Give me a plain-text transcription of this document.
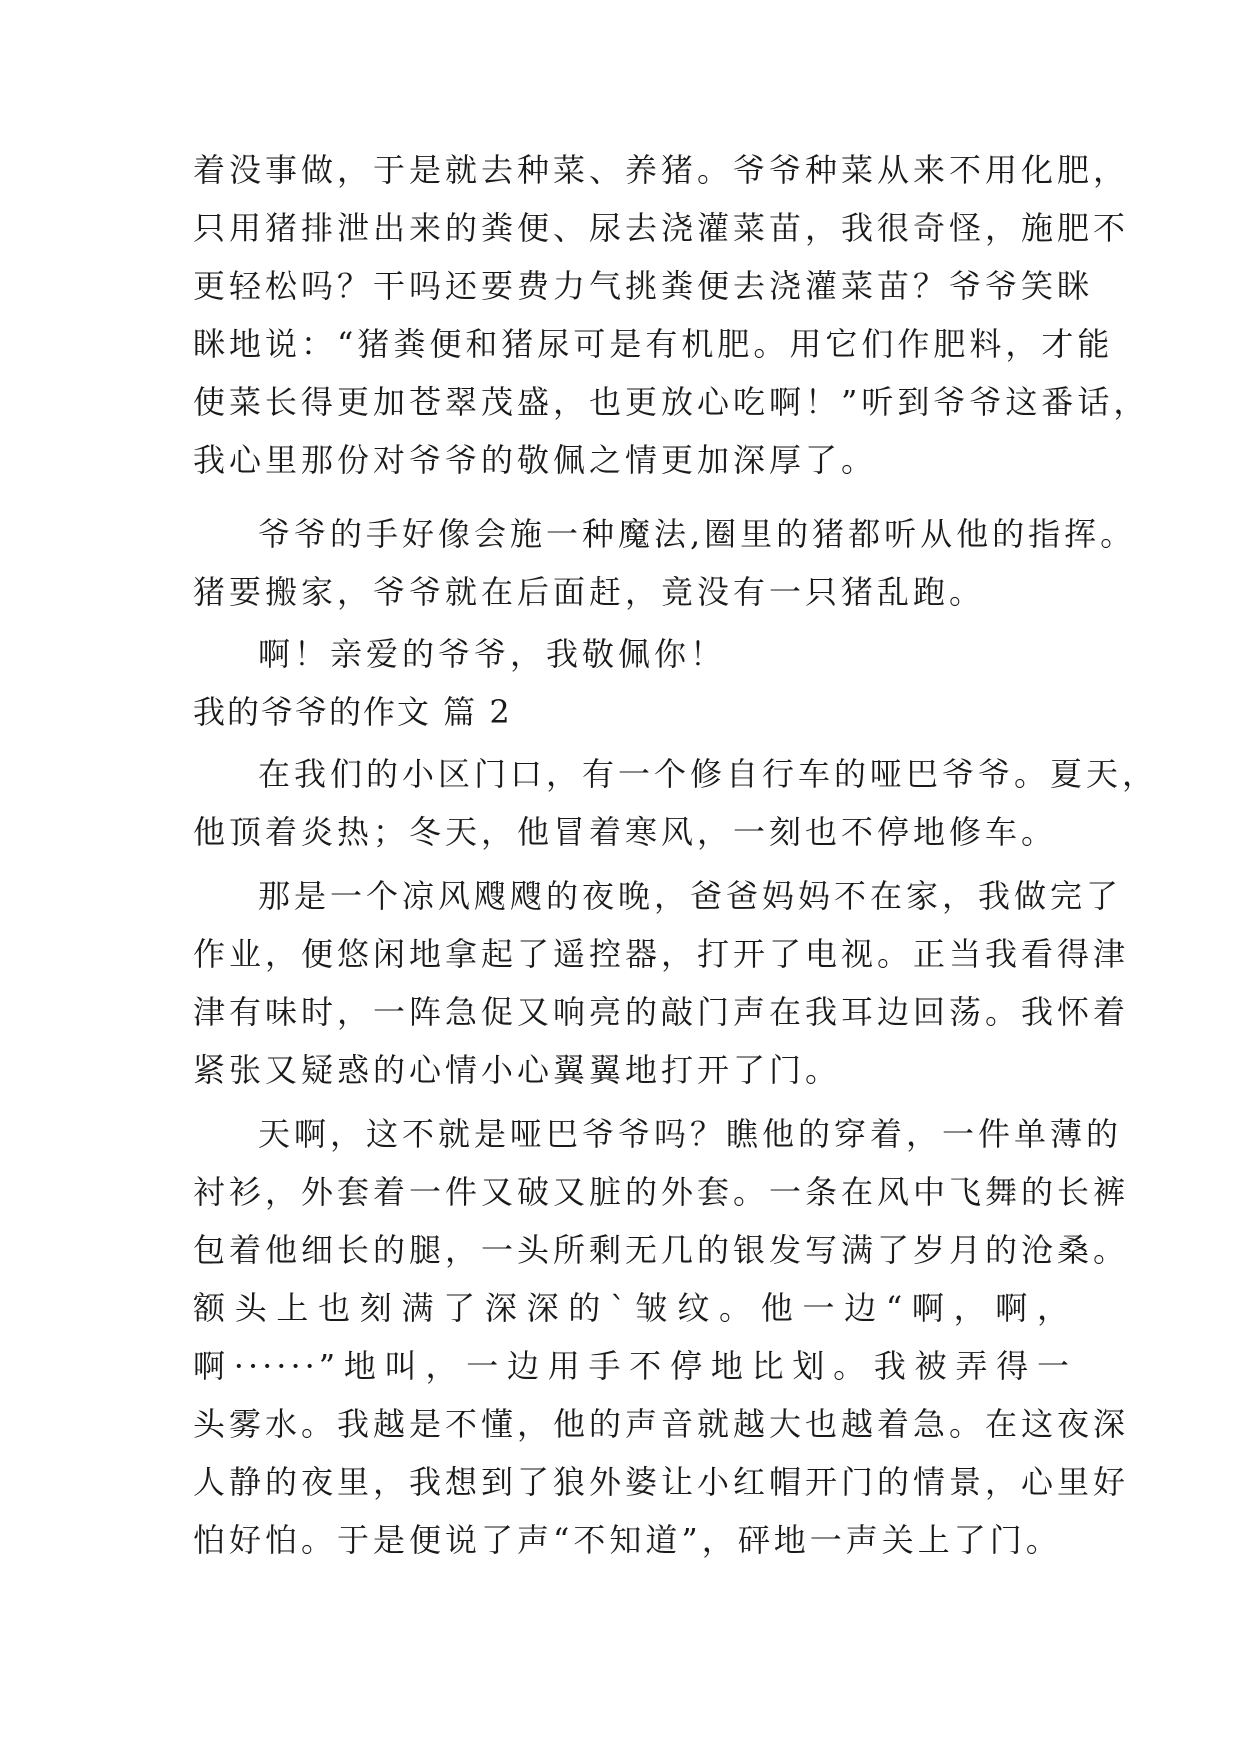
着没事做，于是就去种菜、养猪。爷爷种菜从来不用化肥，
只用猪排泄出来的粪便、尿去浇灌菜苗，我很奇怪，施肥不
更轻松吗？干吗还要费力气挑粪便去浇灌菜苗？爷爷笑眯
眯地说：“猪粪便和猪尿可是有机肥。用它们作肥料，才能
使菜长得更加苍翠茂盛，也更放心吃啊！”听到爷爷这番话，
我心里那份对爷爷的敬佩之情更加深厚了。
爷爷的手好像会施一种魔法,圈里的猪都听从他的指挥。
猪要搬家，爷爷就在后面赶，竟没有一只猪乱跑。
啊！亲爱的爷爷，我敬佩你！
我的爷爷的作文 篇 2
在我们的小区门口，有一个修自行车的哑巴爷爷。夏天，
他顶着炎热；冬天，他冒着寒风，一刻也不停地修车。
那是一个凉风飕飕的夜晚，爸爸妈妈不在家，我做完了
作业，便悠闲地拿起了遥控器，打开了电视。正当我看得津
津有味时，一阵急促又响亮的敲门声在我耳边回荡。我怀着
紧张又疑惑的心情小心翼翼地打开了门。
天啊，这不就是哑巴爷爷吗？瞧他的穿着，一件单薄的
衬衫，外套着一件又破又脏的外套。一条在风中飞舞的长裤
包着他细长的腿，一头所剩无几的银发写满了岁月的沧桑。
额头上也刻满了深深的`皱纹。他一边“啊，啊，
啊······”地叫，一边用手不停地比划。我被弄得一
头雾水。我越是不懂，他的声音就越大也越着急。在这夜深
人静的夜里，我想到了狼外婆让小红帽开门的情景，心里好
怕好怕。于是便说了声“不知道”，砰地一声关上了门。
